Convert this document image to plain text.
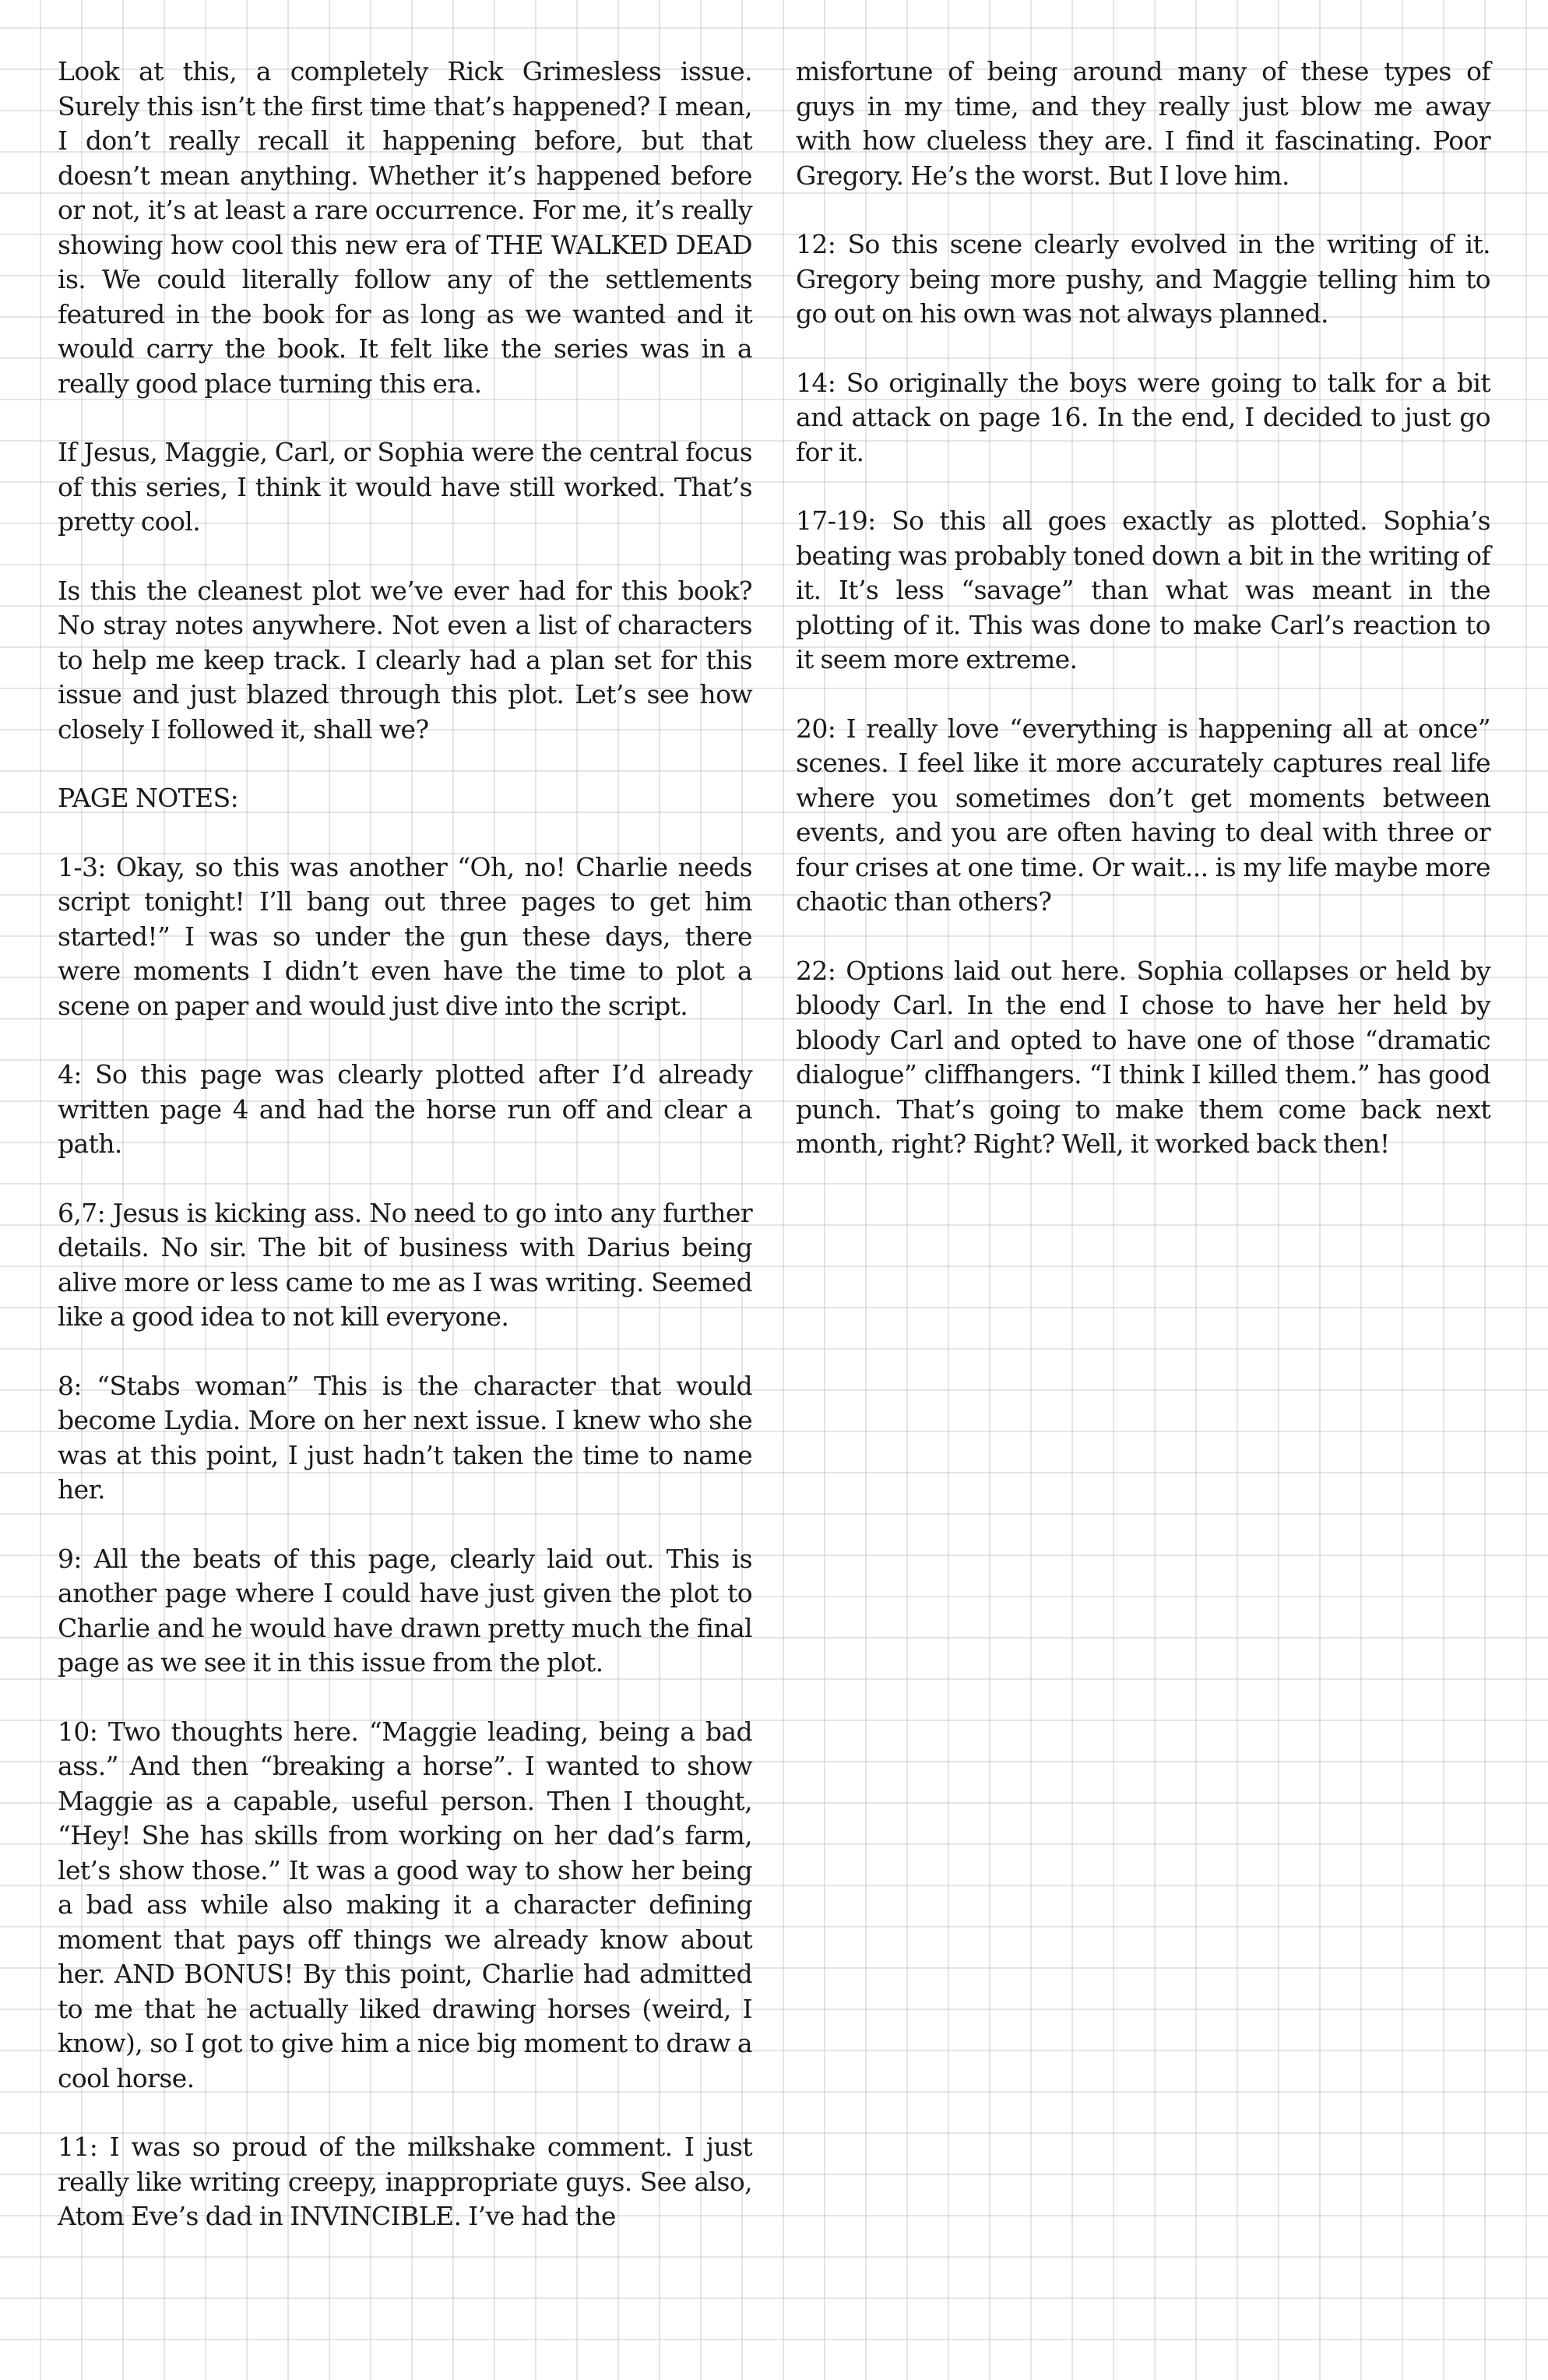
Look at this, a completely Rick Grimesless issue. Surely this isn’t the first time that’s happened? I mean, I don’t really recall it happening before, but that doesn’t mean anything. Whether it’s happened before or not, it’s at least a rare occurrence. For me, it’s really showing how cool this new era of THE WALKED DEAD is. We could literally follow any of the settlements featured in the book for as long as we wanted and it would carry the book. It felt like the series was in a really good place turning this era.

If Jesus, Maggie, Carl, or Sophia were the central focus of this series, I think it would have still worked. That’s pretty cool.

Is this the cleanest plot we’ve ever had for this book? No stray notes anywhere. Not even a list of characters to help me keep track. I clearly had a plan set for this issue and just blazed through this plot. Let’s see how closely I followed it, shall we?

PAGE NOTES:

1-3: Okay, so this was another “Oh, no! Charlie needs script tonight! I’ll bang out three pages to get him started!” I was so under the gun these days, there were moments I didn’t even have the time to plot a scene on paper and would just dive into the script.

4: So this page was clearly plotted after I’d already written page 4 and had the horse run off and clear a path.

6,7: Jesus is kicking ass. No need to go into any further details. No sir. The bit of business with Darius being alive more or less came to me as I was writing. Seemed like a good idea to not kill everyone.

8: “Stabs woman” This is the character that would become Lydia. More on her next issue. I knew who she was at this point, I just hadn’t taken the time to name her.

9: All the beats of this page, clearly laid out. This is another page where I could have just given the plot to Charlie and he would have drawn pretty much the final page as we see it in this issue from the plot.

10: Two thoughts here. “Maggie leading, being a bad ass.” And then “breaking a horse”. I wanted to show Maggie as a capable, useful person. Then I thought, “Hey! She has skills from working on her dad’s farm, let’s show those.” It was a good way to show her being a bad ass while also making it a character defining moment that pays off things we already know about her. AND BONUS! By this point, Charlie had admitted to me that he actually liked drawing horses (weird, I know), so I got to give him a nice big moment to draw a cool horse.

11: I was so proud of the milkshake comment. I just really like writing creepy, inappropriate guys. See also, Atom Eve’s dad in INVINCIBLE. I’ve had the

misfortune of being around many of these types of guys in my time, and they really just blow me away with how clueless they are. I find it fascinating. Poor Gregory. He’s the worst. But I love him.

12: So this scene clearly evolved in the writing of it. Gregory being more pushy, and Maggie telling him to go out on his own was not always planned.

14: So originally the boys were going to talk for a bit and attack on page 16. In the end, I decided to just go for it.

17-19: So this all goes exactly as plotted. Sophia’s beating was probably toned down a bit in the writing of it. It’s less “savage” than what was meant in the plotting of it. This was done to make Carl’s reaction to it seem more extreme.

20: I really love “everything is happening all at once” scenes. I feel like it more accurately captures real life where you sometimes don’t get moments between events, and you are often having to deal with three or four crises at one time. Or wait... is my life maybe more chaotic than others?

22: Options laid out here. Sophia collapses or held by bloody Carl. In the end I chose to have her held by bloody Carl and opted to have one of those “dramatic dialogue” cliffhangers. “I think I killed them.” has good punch. That’s going to make them come back next month, right? Right? Well, it worked back then!
